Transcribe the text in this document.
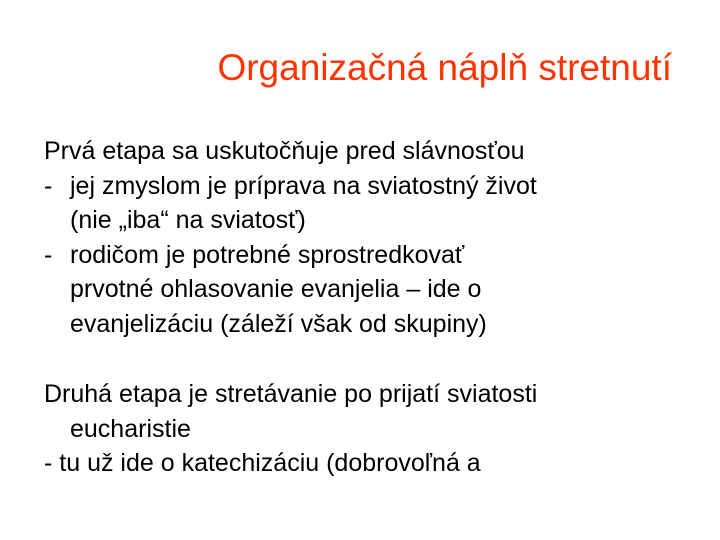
Organizačná náplň stretnutí
Prvá etapa sa uskutočňuje pred slávnosťou
- jej zmyslom je príprava na sviatostný život
(nie „iba“ na sviatosť)
- rodičom je potrebné sprostredkovať
prvotné ohlasovanie evanjelia – ide o
evanjelizáciu (záleží však od skupiny)
Druhá etapa je stretávanie po prijatí sviatosti
eucharistie
- tu už ide o katechizáciu (dobrovoľná a
